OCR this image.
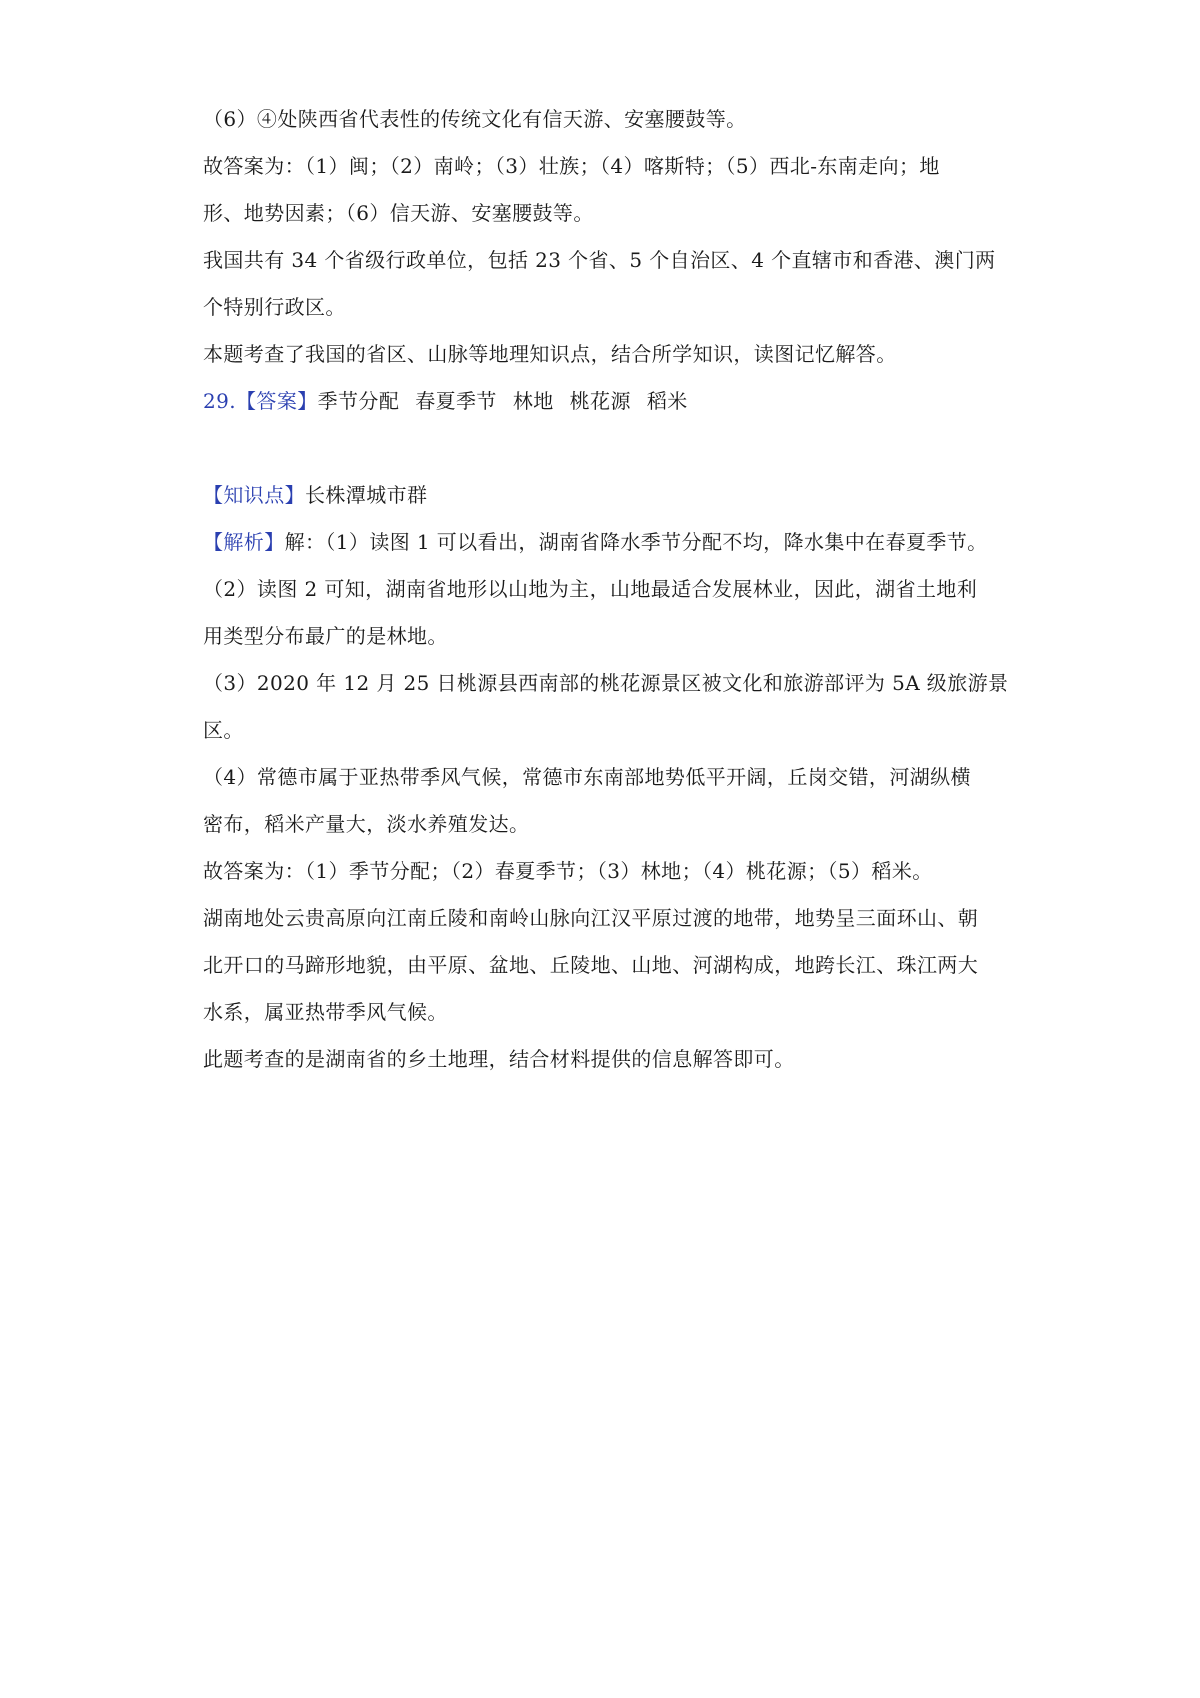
（6）④处陕西省代表性的传统文化有信天游、安塞腰鼓等。
故答案为：（1）闽；（2）南岭；（3）壮族；（4）喀斯特；（5）西北-东南走向；地
形、地势因素；（6）信天游、安塞腰鼓等。
我国共有 34 个省级行政单位，包括 23 个省、5 个自治区、4 个直辖市和香港、澳门两
个特别行政区。
本题考查了我国的省区、山脉等地理知识点，结合所学知识，读图记忆解答。
29.【答案】季节分配 春夏季节 林地 桃花源 稻米
【知识点】长株潭城市群
【解析】解：（1）读图 1 可以看出，湖南省降水季节分配不均，降水集中在春夏季节。
（2）读图 2 可知，湖南省地形以山地为主，山地最适合发展林业，因此，湖省土地利
用类型分布最广的是林地。
（3）2020 年 12 月 25 日桃源县西南部的桃花源景区被文化和旅游部评为 5A 级旅游景
区。
（4）常德市属于亚热带季风气候，常德市东南部地势低平开阔，丘岗交错，河湖纵横
密布，稻米产量大，淡水养殖发达。
故答案为：（1）季节分配；（2）春夏季节；（3）林地；（4）桃花源；（5）稻米。
湖南地处云贵高原向江南丘陵和南岭山脉向江汉平原过渡的地带，地势呈三面环山、朝
北开口的马蹄形地貌，由平原、盆地、丘陵地、山地、河湖构成，地跨长江、珠江两大
水系，属亚热带季风气候。
此题考查的是湖南省的乡土地理，结合材料提供的信息解答即可。
